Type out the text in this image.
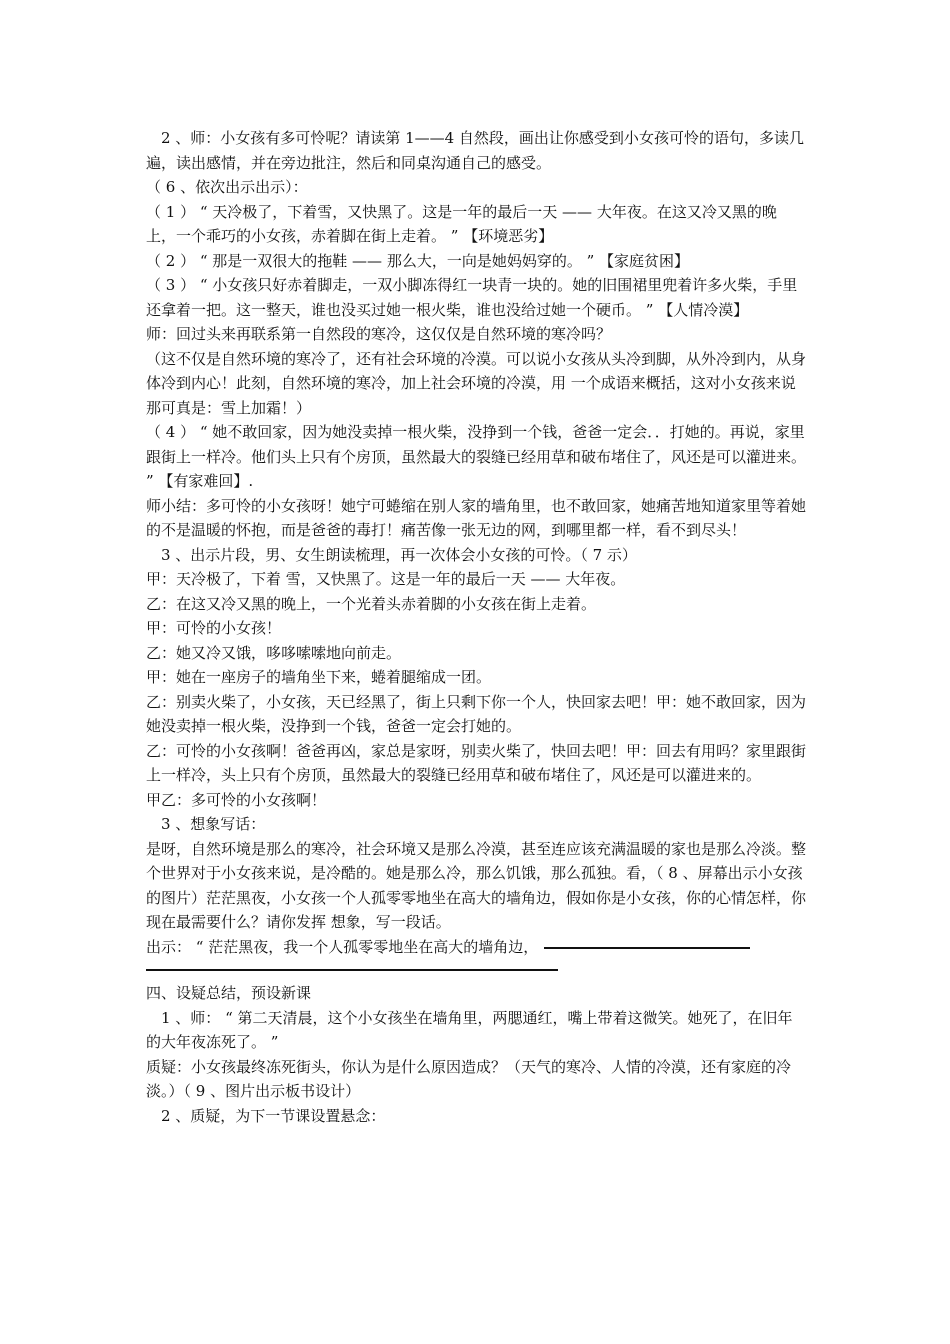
　2 、师：小女孩有多可怜呢？请读第 1——4 自然段，画出让你感受到小女孩可怜的语句，多读几遍，读出感情，并在旁边批注，然后和同桌沟通自己的感受。

（ 6 、依次出示出示）：

（ 1 ） “ 天冷极了，下着雪，又快黑了。这是一年的最后一天 —— 大年夜。在这又冷又黑的晚 上，一个乖巧的小女孩，赤着脚在街上走着。 ” 【环境恶劣】

（ 2 ） “ 那是一双很大的拖鞋 —— 那么大，一向是她妈妈穿的。 ” 【家庭贫困】

（ 3 ） “ 小女孩只好赤着脚走，一双小脚冻得红一块青一块的。她的旧围裙里兜着许多火柴，手里还拿着一把。这一整天，谁也没买过她一根火柴，谁也没给过她一个硬币。 ” 【人情冷漠】

师：回过头来再联系第一自然段的寒冷，这仅仅是自然环境的寒冷吗？

（这不仅是自然环境的寒冷了，还有社会环境的冷漠。可以说小女孩从头冷到脚，从外冷到内，从身体冷到内心！此刻，自然环境的寒冷，加上社会环境的冷漠，用 一个成语来概括，这对小女孩来说那可真是：雪上加霜！）

（ 4 ） “ 她不敢回家，因为她没卖掉一根火柴，没挣到一个钱，爸爸一定会．．打她的。再说，家里跟街上一样冷。他们头上只有个房顶，虽然最大的裂缝已经用草和破布堵住了，风还是可以灌进来。 ” 【有家难回】.

师小结：多可怜的小女孩呀！她宁可蜷缩在别人家的墙角里，也不敢回家，她痛苦地知道家里等着她的不是温暖的怀抱，而是爸爸的毒打！痛苦像一张无边的网，到哪里都一样，看不到尽头！

　3 、出示片段，男、女生朗读梳理，再一次体会小女孩的可怜。（ 7 示）

甲：天冷极了，下着 雪，又快黑了。这是一年的最后一天 —— 大年夜。

乙：在这又冷又黑的晚上，一个光着头赤着脚的小女孩在街上走着。

甲：可怜的小女孩！

乙：她又冷又饿，哆哆嗦嗦地向前走。

甲：她在一座房子的墙角坐下来，蜷着腿缩成一团。

乙：别卖火柴了，小女孩，天已经黑了，街上只剩下你一个人，快回家去吧！甲：她不敢回家，因为她没卖掉一根火柴，没挣到一个钱，爸爸一定会打她的。

乙：可怜的小女孩啊！爸爸再凶，家总是家呀，别卖火柴了，快回去吧！甲：回去有用吗？家里跟街上一样冷，头上只有个房顶，虽然最大的裂缝已经用草和破布堵住了，风还是可以灌进来的。

甲乙：多可怜的小女孩啊！

　3 、想象写话：

是呀，自然环境是那么的寒冷，社会环境又是那么冷漠，甚至连应该充满温暖的家也是那么冷淡。整个世界对于小女孩来说，是冷酷的。她是那么冷，那么饥饿，那么孤独。看，（ 8 、屏幕出示小女孩的图片）茫茫黑夜，小女孩一个人孤零零地坐在高大的墙角边，假如你是小女孩，你的心情怎样，你现在最需要什么？请你发挥 想象，写一段话。

出示： “ 茫茫黑夜，我一个人孤零零地坐在高大的墙角边，

四、设疑总结，预设新课

　1 、师： “ 第二天清晨，这个小女孩坐在墙角里，两腮通红，嘴上带着这微笑。她死了，在旧年的大年夜冻死了。 ”

质疑：小女孩最终冻死街头，你认为是什么原因造成？（天气的寒冷、人情的冷漠，还有家庭的冷淡。）（ 9 、图片出示板书设计）

　2 、质疑，为下一节课设置悬念：
